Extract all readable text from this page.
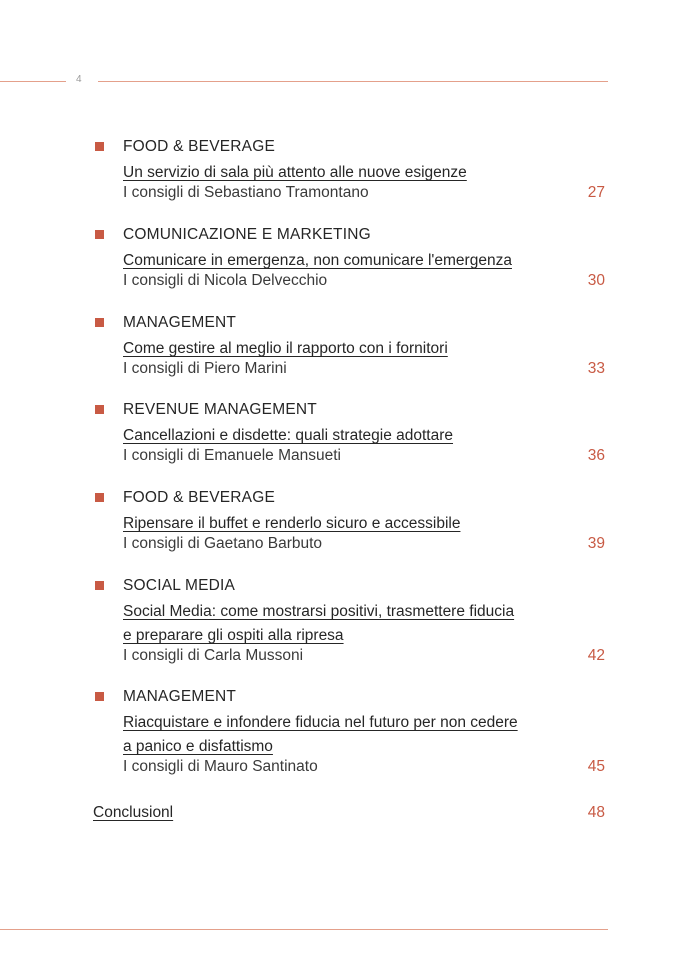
4
FOOD & BEVERAGE
Un servizio di sala più attento alle nuove esigenze
I consigli di Sebastiano Tramontano	27
COMUNICAZIONE E MARKETING
Comunicare in emergenza, non comunicare l'emergenza
I consigli di Nicola Delvecchio	30
MANAGEMENT
Come gestire al meglio il rapporto con i fornitori
I consigli di Piero Marini	33
REVENUE MANAGEMENT
Cancellazioni e disdette: quali strategie adottare
I consigli di Emanuele Mansueti	36
FOOD & BEVERAGE
Ripensare il buffet e renderlo sicuro e accessibile
I consigli di Gaetano Barbuto	39
SOCIAL MEDIA
Social Media: come mostrarsi positivi, trasmettere fiducia
e preparare gli ospiti alla ripresa
I consigli di Carla Mussoni	42
MANAGEMENT
Riacquistare e infondere fiducia nel futuro per non cedere
a panico e disfattismo
I consigli di Mauro Santinato	45
Conclusionl	48
